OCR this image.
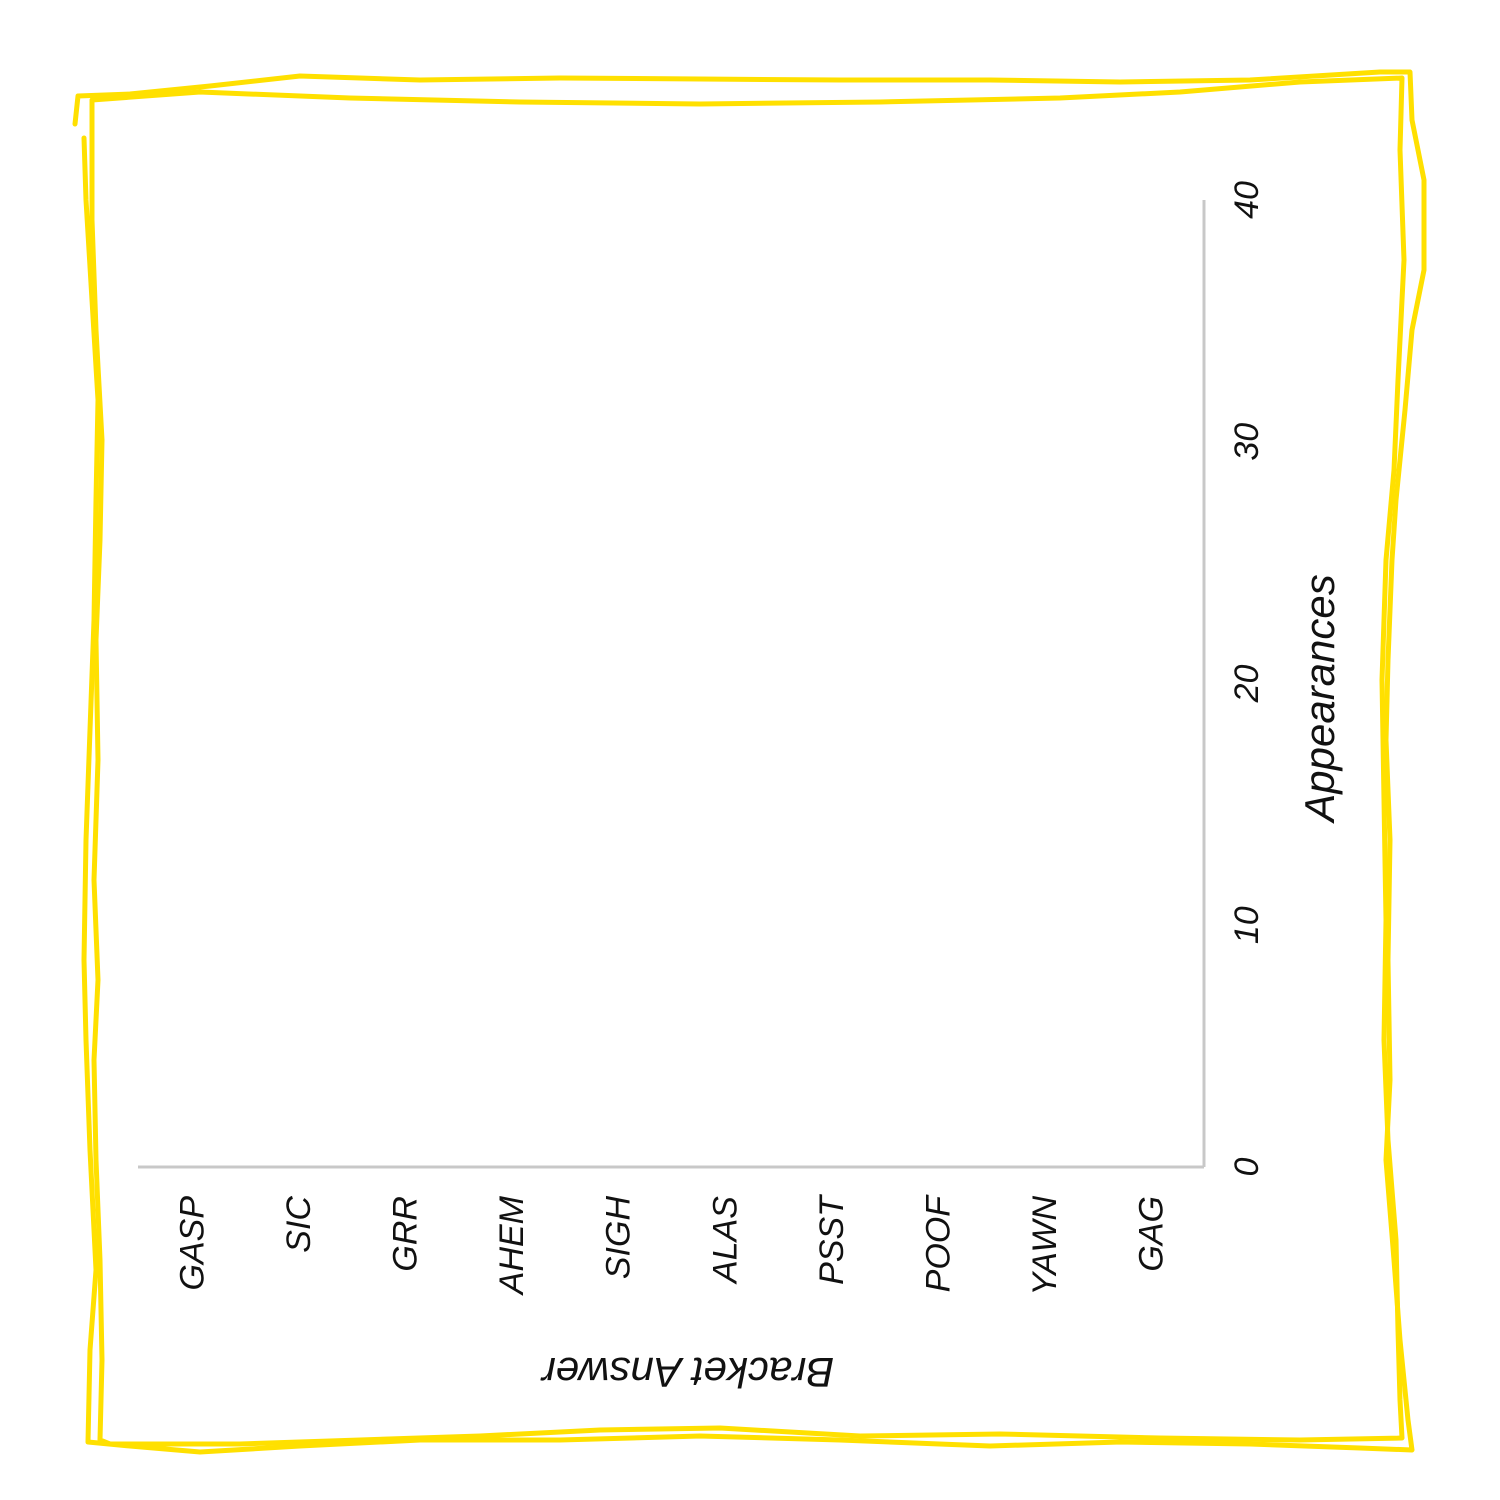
0
10
20
30
40
GASP SIC GRR AHEM SIGH ALAS PSST POOF YAWN GAG
Appearances
Bracket Answer
